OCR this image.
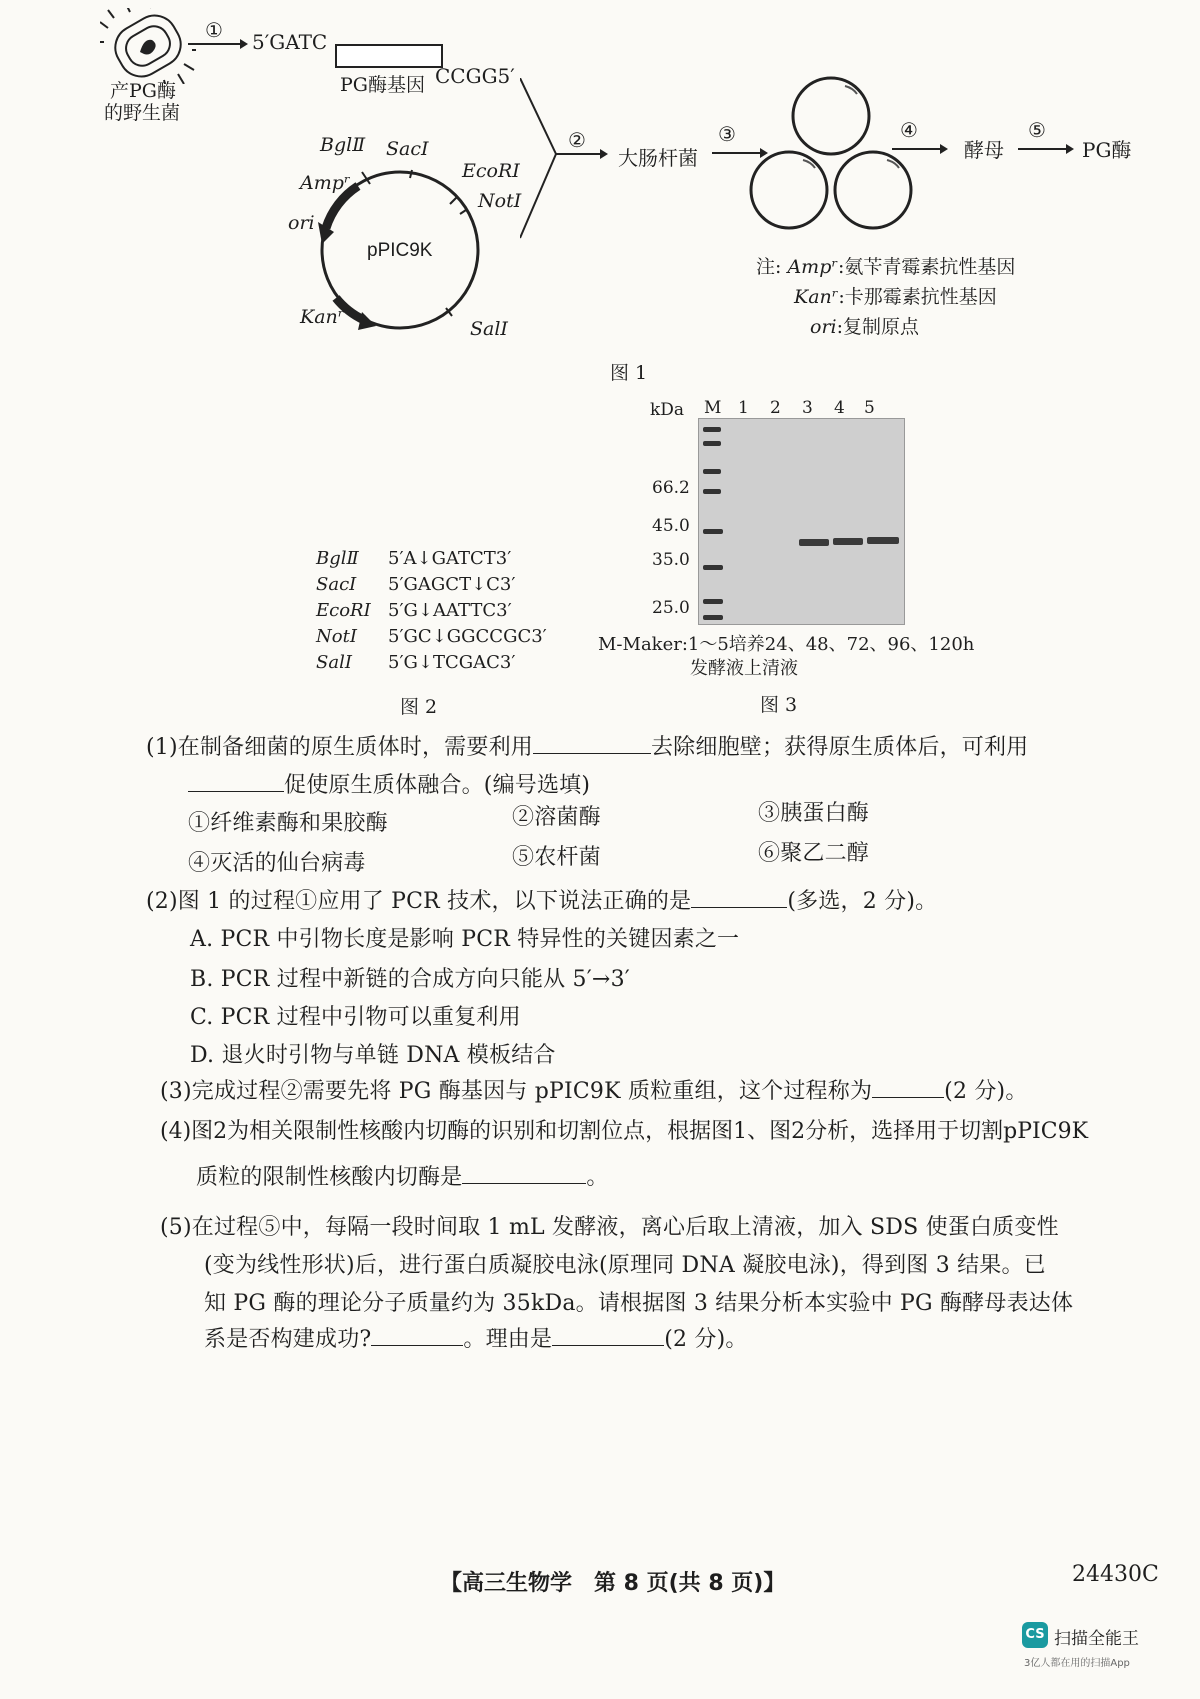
产PG酶
的野生菌
① 5′GATC
PG酶基因 CCGG5′
BglⅡ SacⅠ
EcoRⅠ
NotⅠ
SalⅠ
Ampʳ
ori
Kanʳ
pPIC9K
②
大肠杆菌
③	④
酵母
⑤
PG酶
注: Ampʳ:氨苄青霉素抗性基因
Kanʳ:卡那霉素抗性基因
ori:复制原点
图 1
BglⅡ 5′A↓GATCT3′
SacⅠ 5′GAGCT↓C3′
EcoRⅠ 5′G↓AATTC3′
NotⅠ 5′GC↓GGCCGC3′
SalⅠ 5′G↓TCGAC3′
图 2
kDa M 1 2 3 4 5
66.2
45.0
35.0
25.0
M-Maker:1～5培养24、48、72、96、120h
发酵液上清液
图 3
(1)在制备细菌的原生质体时，需要利用	去除细胞壁；获得原生质体后，可利用
促使原生质体融合。(编号选填)
①纤维素酶和果胶酶	②溶菌酶	③胰蛋白酶
④灭活的仙台病毒	⑤农杆菌	⑥聚乙二醇
(2)图 1 的过程①应用了 PCR 技术，以下说法正确的是	(多选，2 分)。
A. PCR 中引物长度是影响 PCR 特异性的关键因素之一
B. PCR 过程中新链的合成方向只能从 5′→3′
C. PCR 过程中引物可以重复利用
D. 退火时引物与单链 DNA 模板结合
(3)完成过程②需要先将 PG 酶基因与 pPIC9K 质粒重组，这个过程称为	(2 分)。
(4)图2为相关限制性核酸内切酶的识别和切割位点，根据图1、图2分析，选择用于切割pPIC9K
质粒的限制性核酸内切酶是	。
(5)在过程⑤中，每隔一段时间取 1 mL 发酵液，离心后取上清液，加入 SDS 使蛋白质变性
(变为线性形状)后，进行蛋白质凝胶电泳(原理同 DNA 凝胶电泳)，得到图 3 结果。已
知 PG 酶的理论分子质量约为 35kDa。请根据图 3 结果分析本实验中 PG 酶酵母表达体
系是否构建成功?	。理由是	(2 分)。
【高三生物学　第 8 页(共 8 页)】	24430C
CS 扫描全能王
3亿人都在用的扫描App
